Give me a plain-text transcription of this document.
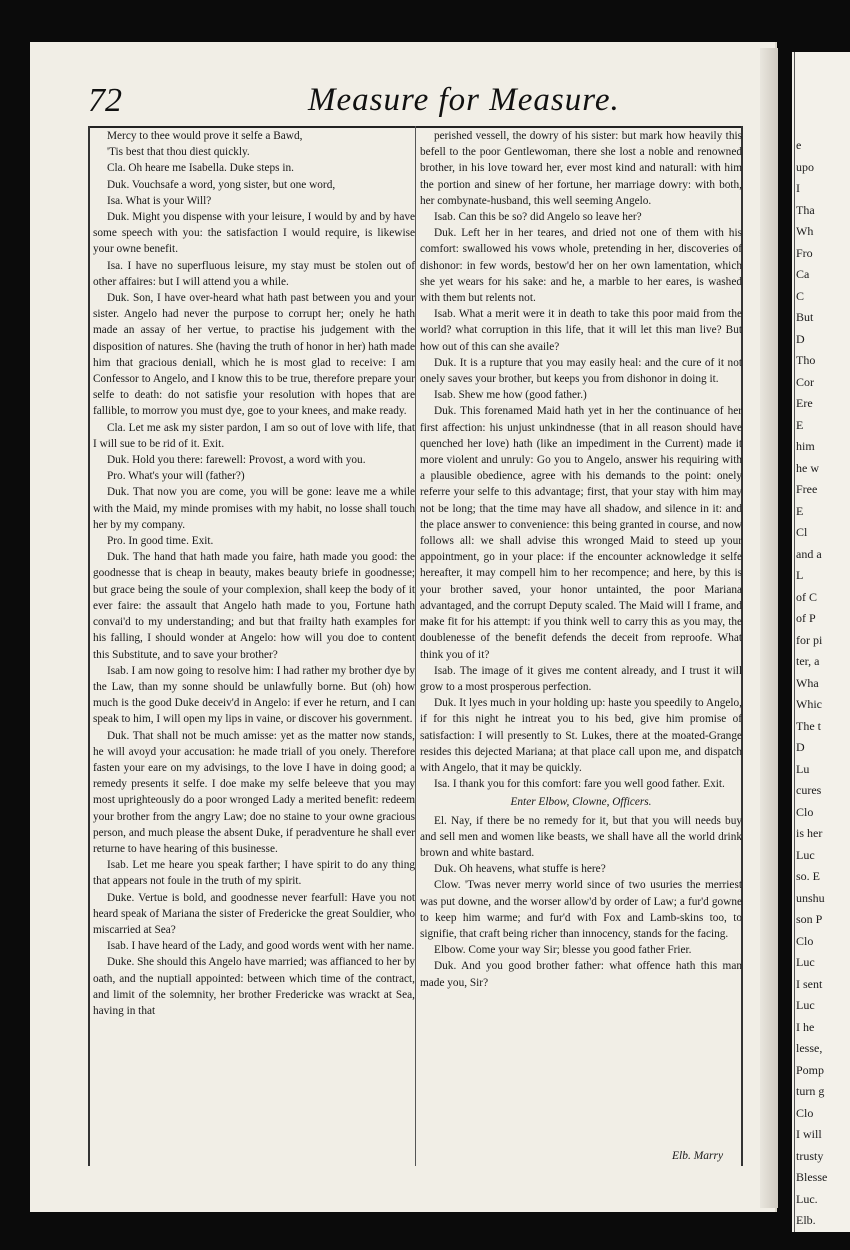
e
upo
I
Tha
Wh
Fro
Ca
C
But
D
Tho
Cor
Ere
E
him
he w
Free
E
Cl
and a
L
of C
of P
for pi
ter, a
Wha
Whic
The t
D
Lu
cures
Clo
is her
Luc
so. E
unshu
son P
Clo
Luc
I sent
Luc
I he
lesse,
Pomp
turn g
Clo
I will
trusty
Blesse
Luc.
Elb.
72	Measure for Measure.

Mercy to thee would prove it selfe a Bawd,

'Tis best that thou diest quickly.

Cla. Oh heare me Isabella. Duke steps in.

Duk. Vouchsafe a word, yong sister, but one word,

Isa. What is your Will?

Duk. Might you dispense with your leisure, I would by and by have some speech with you: the satisfaction I would require, is likewise your owne benefit.

Isa. I have no superfluous leisure, my stay must be stolen out of other affaires: but I will attend you a while.

Duk. Son, I have over-heard what hath past between you and your sister. Angelo had never the purpose to corrupt her; onely he hath made an assay of her vertue, to practise his judgement with the disposition of natures. She (having the truth of honor in her) hath made him that gracious deniall, which he is most glad to receive: I am Confessor to Angelo, and I know this to be true, therefore prepare your selfe to death: do not satisfie your resolution with hopes that are fallible, to morrow you must dye, goe to your knees, and make ready.

Cla. Let me ask my sister pardon, I am so out of love with life, that I will sue to be rid of it. Exit.

Duk. Hold you there: farewell: Provost, a word with you.

Pro. What's your will (father?)

Duk. That now you are come, you will be gone: leave me a while with the Maid, my minde promises with my habit, no losse shall touch her by my company.

Pro. In good time. Exit.

Duk. The hand that hath made you faire, hath made you good: the goodnesse that is cheap in beauty, makes beauty briefe in goodnesse; but grace being the soule of your complexion, shall keep the body of it ever faire: the assault that Angelo hath made to you, Fortune hath convai'd to my understanding; and but that frailty hath examples for his falling, I should wonder at Angelo: how will you doe to content this Substitute, and to save your brother?

Isab. I am now going to resolve him: I had rather my brother dye by the Law, than my sonne should be unlawfully borne. But (oh) how much is the good Duke deceiv'd in Angelo: if ever he return, and I can speak to him, I will open my lips in vaine, or discover his government.

Duk. That shall not be much amisse: yet as the matter now stands, he will avoyd your accusation: he made triall of you onely. Therefore fasten your eare on my advisings, to the love I have in doing good; a remedy presents it selfe. I doe make my selfe beleeve that you may most uprighteously do a poor wronged Lady a merited benefit: redeem your brother from the angry Law; doe no staine to your owne gracious person, and much please the absent Duke, if peradventure he shall ever returne to have hearing of this businesse.

Isab. Let me heare you speak farther; I have spirit to do any thing that appears not foule in the truth of my spirit.

Duke. Vertue is bold, and goodnesse never fearfull: Have you not heard speak of Mariana the sister of Fredericke the great Souldier, who miscarried at Sea?

Isab. I have heard of the Lady, and good words went with her name.

Duke. She should this Angelo have married; was affianced to her by oath, and the nuptiall appointed: between which time of the contract, and limit of the solemnity, her brother Fredericke was wrackt at Sea, having in that

perished vessell, the dowry of his sister: but mark how heavily this befell to the poor Gentlewoman, there she lost a noble and renowned brother, in his love toward her, ever most kind and naturall: with him the portion and sinew of her fortune, her marriage dowry: with both, her combynate-husband, this well seeming Angelo.

Isab. Can this be so? did Angelo so leave her?

Duk. Left her in her teares, and dried not one of them with his comfort: swallowed his vows whole, pretending in her, discoveries of dishonor: in few words, bestow'd her on her own lamentation, which she yet wears for his sake: and he, a marble to her eares, is washed with them but relents not.

Isab. What a merit were it in death to take this poor maid from the world? what corruption in this life, that it will let this man live? But how out of this can she availe?

Duk. It is a rupture that you may easily heal: and the cure of it not onely saves your brother, but keeps you from dishonor in doing it.

Isab. Shew me how (good father.)

Duk. This forenamed Maid hath yet in her the continuance of her first affection: his unjust unkindnesse (that in all reason should have quenched her love) hath (like an impediment in the Current) made it more violent and unruly: Go you to Angelo, answer his requiring with a plausible obedience, agree with his demands to the point: onely referre your selfe to this advantage; first, that your stay with him may not be long; that the time may have all shadow, and silence in it: and the place answer to convenience: this being granted in course, and now follows all: we shall advise this wronged Maid to steed up your appointment, go in your place: if the encounter acknowledge it selfe hereafter, it may compell him to her recompence; and here, by this is your brother saved, your honor untainted, the poor Mariana advantaged, and the corrupt Deputy scaled. The Maid will I frame, and make fit for his attempt: if you think well to carry this as you may, the doublenesse of the benefit defends the deceit from reproofe. What think you of it?

Isab. The image of it gives me content already, and I trust it will grow to a most prosperous perfection.

Duk. It lyes much in your holding up: haste you speedily to Angelo, if for this night he intreat you to his bed, give him promise of satisfaction: I will presently to St. Lukes, there at the moated-Grange resides this dejected Mariana; at that place call upon me, and dispatch with Angelo, that it may be quickly.

Isa. I thank you for this comfort: fare you well good father. Exit.

Enter Elbow, Clowne, Officers.

El. Nay, if there be no remedy for it, but that you will needs buy and sell men and women like beasts, we shall have all the world drink brown and white bastard.

Duk. Oh heavens, what stuffe is here?

Clow. 'Twas never merry world since of two usuries the merriest was put downe, and the worser allow'd by order of Law; a fur'd gowne to keep him warme; and fur'd with Fox and Lamb-skins too, to signifie, that craft being richer than innocency, stands for the facing.

Elbow. Come your way Sir; blesse you good father Frier.

Duk. And you good brother father: what offence hath this man made you, Sir?

Elb. Marry
